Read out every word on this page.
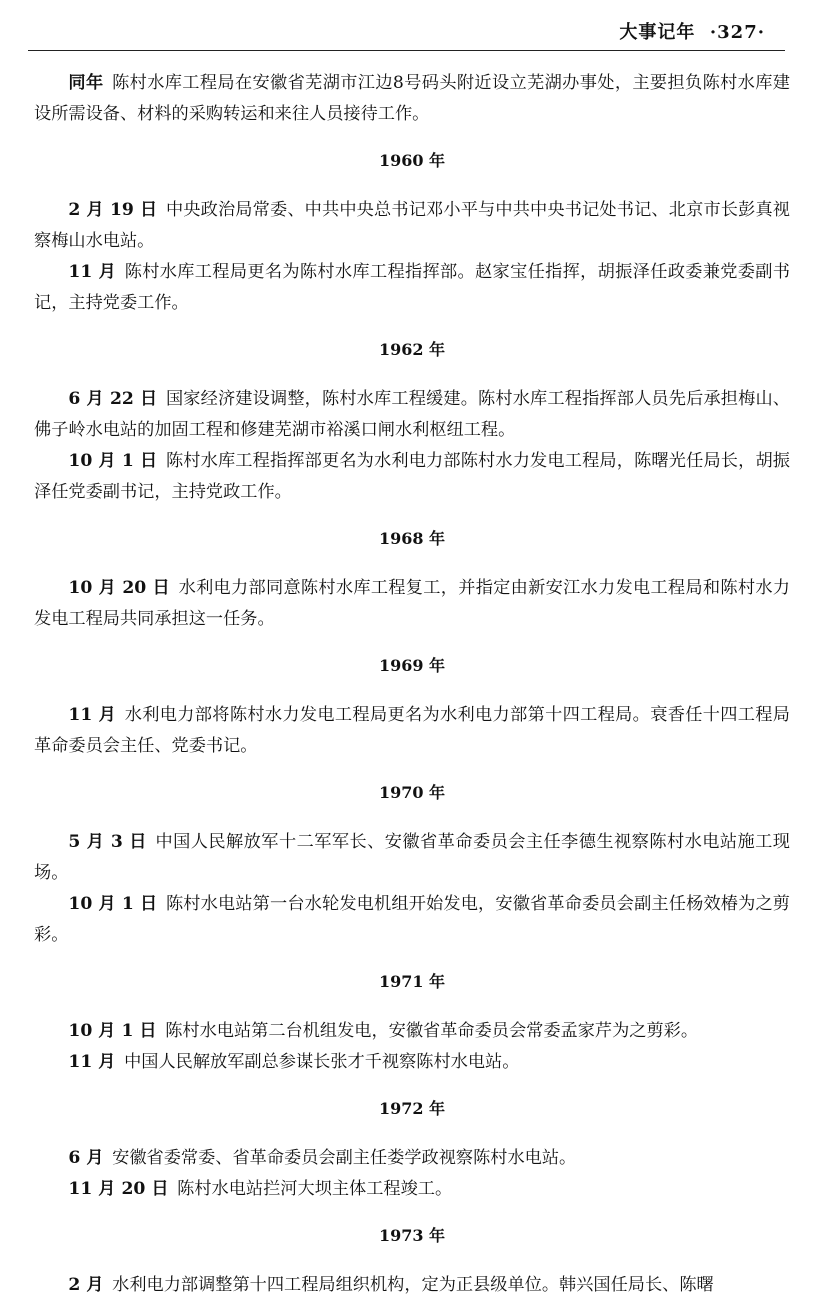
大事记年 ·327·

同年 陈村水库工程局在安徽省芜湖市江边8号码头附近设立芜湖办事处，主要担负陈村水库建设所需设备、材料的采购转运和来往人员接待工作。

1960 年

2 月 19 日 中央政治局常委、中共中央总书记邓小平与中共中央书记处书记、北京市长彭真视察梅山水电站。

11 月 陈村水库工程局更名为陈村水库工程指挥部。赵家宝任指挥，胡振泽任政委兼党委副书记，主持党委工作。

1962 年

6 月 22 日 国家经济建设调整，陈村水库工程缓建。陈村水库工程指挥部人员先后承担梅山、佛子岭水电站的加固工程和修建芜湖市裕溪口闸水利枢纽工程。

10 月 1 日 陈村水库工程指挥部更名为水利电力部陈村水力发电工程局，陈曙光任局长，胡振泽任党委副书记，主持党政工作。

1968 年

10 月 20 日 水利电力部同意陈村水库工程复工，并指定由新安江水力发电工程局和陈村水力发电工程局共同承担这一任务。

1969 年

11 月 水利电力部将陈村水力发电工程局更名为水利电力部第十四工程局。衰香任十四工程局革命委员会主任、党委书记。

1970 年

5 月 3 日 中国人民解放军十二军军长、安徽省革命委员会主任李德生视察陈村水电站施工现场。

10 月 1 日 陈村水电站第一台水轮发电机组开始发电，安徽省革命委员会副主任杨效椿为之剪彩。

1971 年

10 月 1 日 陈村水电站第二台机组发电，安徽省革命委员会常委孟家芹为之剪彩。

11 月 中国人民解放军副总参谋长张才千视察陈村水电站。

1972 年

6 月 安徽省委常委、省革命委员会副主任娄学政视察陈村水电站。

11 月 20 日 陈村水电站拦河大坝主体工程竣工。

1973 年

2 月 水利电力部调整第十四工程局组织机构，定为正县级单位。韩兴国任局长、陈曙
